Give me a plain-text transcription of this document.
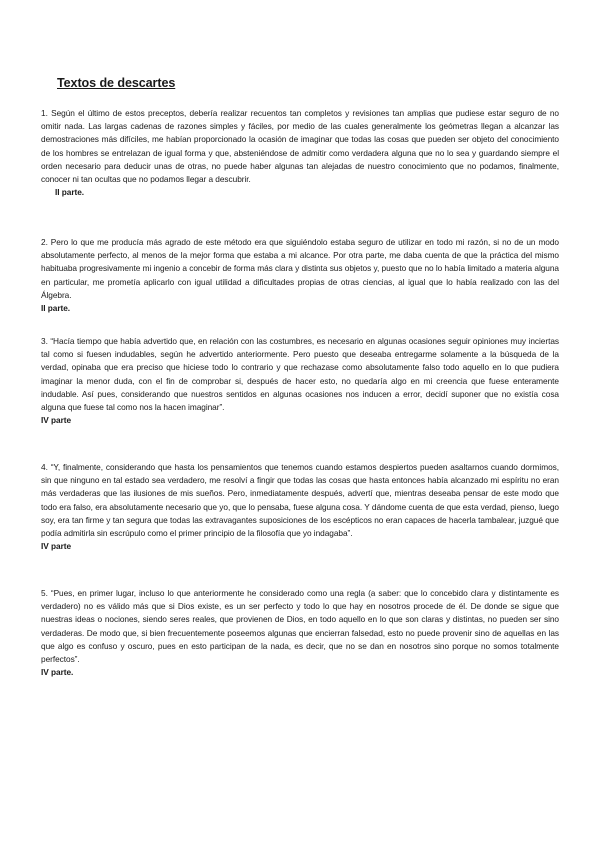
Textos de descartes
1. Según el último de estos preceptos, debería realizar recuentos tan completos y revisiones tan amplias que pudiese estar seguro de no omitir nada. Las largas cadenas de razones simples y fáciles, por medio de las cuales generalmente los geómetras llegan a alcanzar las demostraciones más difíciles, me habían proporcionado la ocasión de imaginar que todas las cosas que pueden ser objeto del conocimiento de los hombres se entrelazan de igual forma y que, absteniéndose de admitir como verdadera alguna que no lo sea y guardando siempre el orden necesario para deducir unas de otras, no puede haber algunas tan alejadas de nuestro conocimiento que no podamos, finalmente, conocer ni tan ocultas que no podamos llegar a descubrir.
II parte.
2. Pero lo que me producía más agrado de este método era que siguiéndolo estaba seguro de utilizar en todo mi razón, si no de un modo absolutamente perfecto, al menos de la mejor forma que estaba a mi alcance. Por otra parte, me daba cuenta de que la práctica del mismo habituaba progresivamente mi ingenio a concebir de forma más clara y distinta sus objetos y, puesto que no lo había limitado a materia alguna en particular, me prometía aplicarlo con igual utilidad a dificultades propias de otras ciencias, al igual que lo había realizado con las del Álgebra.
II parte.
3. “Hacía tiempo que había advertido que, en relación con las costumbres, es necesario en algunas ocasiones seguir opiniones muy inciertas tal como si fuesen indudables, según he advertido anteriormente. Pero puesto que deseaba entregarme solamente a la búsqueda de la verdad, opinaba que era preciso que hiciese todo lo contrario y que rechazase como absolutamente falso todo aquello en lo que pudiera imaginar la menor duda, con el fin de comprobar si, después de hacer esto, no quedaría algo en mi creencia que fuese enteramente indudable. Así pues, considerando que nuestros sentidos en algunas ocasiones nos inducen a error, decidí suponer que no existía cosa alguna que fuese tal como nos la hacen imaginar”.
IV parte
4. “Y, finalmente, considerando que hasta los pensamientos que tenemos cuando estamos despiertos pueden asaltarnos cuando dormimos, sin que ninguno en tal estado sea verdadero, me resolví a fingir que todas las cosas que hasta entonces había alcanzado mi espíritu no eran más verdaderas que las ilusiones de mis sueños. Pero, inmediatamente después, advertí que, mientras deseaba pensar de este modo que todo era falso, era absolutamente necesario que yo, que lo pensaba, fuese alguna cosa. Y dándome cuenta de que esta verdad, pienso, luego soy, era tan firme y tan segura que todas las extravagantes suposiciones de los escépticos no eran capaces de hacerla tambalear, juzgué que podía admitirla sin escrúpulo como el primer principio de la filosofía que yo indagaba”.
IV parte
5. “Pues, en primer lugar, incluso lo que anteriormente he considerado como una regla (a saber: que lo concebido clara y distintamente es verdadero) no es válido más que si Dios existe, es un ser perfecto y todo lo que hay en nosotros procede de él. De donde se sigue que nuestras ideas o nociones, siendo seres reales, que provienen de Dios, en todo aquello en lo que son claras y distintas, no pueden ser sino verdaderas. De modo que, si bien frecuentemente poseemos algunas que encierran falsedad, esto no puede provenir sino de aquellas en las que algo es confuso y oscuro, pues en esto participan de la nada, es decir, que no se dan en nosotros sino porque no somos totalmente perfectos”.
IV parte.
